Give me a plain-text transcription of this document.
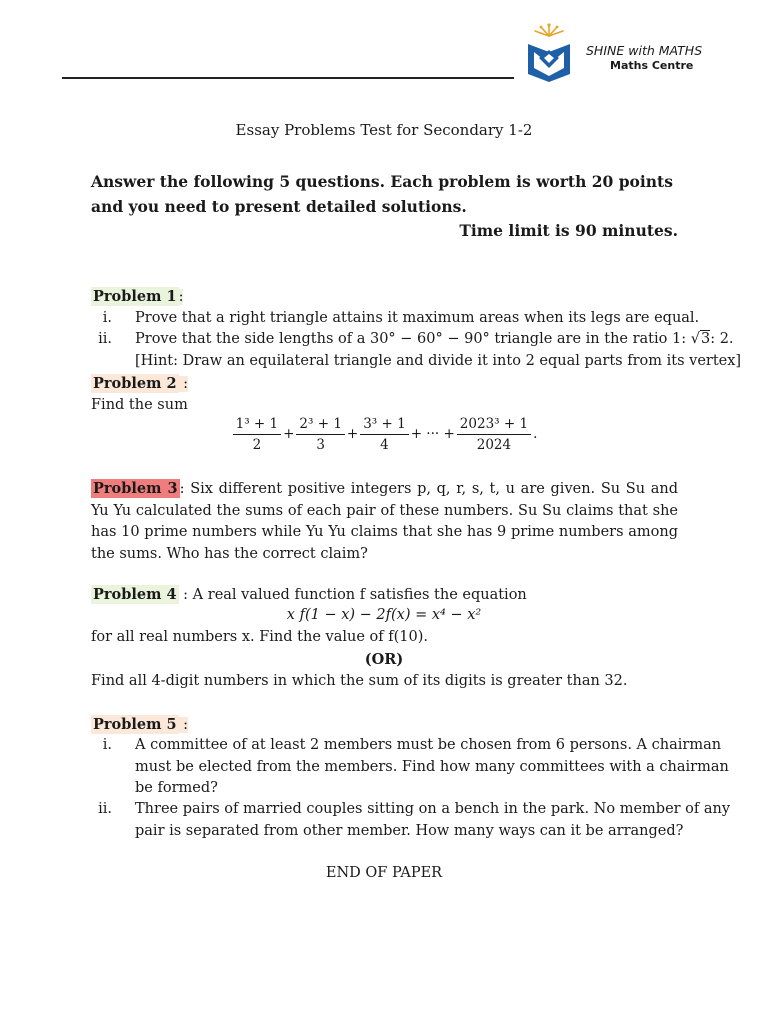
SHINE with MATHS
Maths Centre
Essay Problems Test for Secondary 1-2
Answer the following 5 questions. Each problem is worth 20 points and you need to present detailed solutions.
Time limit is 90 minutes.
Problem 1 :
i. Prove that a right triangle attains it maximum areas when its legs are equal.
ii. Prove that the side lengths of a 30° − 60° − 90° triangle are in the ratio 1: √3: 2.
[Hint: Draw an equilateral triangle and divide it into 2 equal parts from its vertex]
Problem 2 :
Find the sum
$\frac{\text{1³ + 1}}{2} + \frac{\text{2³ + 1}}{3} + \frac{\text{3³ + 1}}{4}$ + ··· + $\frac{\text{2023³ + 1}}{2024}$ .
Problem 3 : Six different positive integers p, q, r, s, t, u are given. Su Su and Yu Yu calculated the sums of each pair of these numbers. Su Su claims that she has 10 prime numbers while Yu Yu claims that she has 9 prime numbers among the sums. Who has the correct claim?
Problem 4 : A real valued function f satisfies the equation
x f(1 − x) − 2f(x) = x⁴ − x²
for all real numbers x. Find the value of f(10).
(OR)
Find all 4-digit numbers in which the sum of its digits is greater than 32.
Problem 5 :
i. A committee of at least 2 members must be chosen from 6 persons. A chairman
must be elected from the members. Find how many committees with a chairman
be formed?
ii. Three pairs of married couples sitting on a bench in the park. No member of any
pair is separated from other member. How many ways can it be arranged?
END OF PAPER
